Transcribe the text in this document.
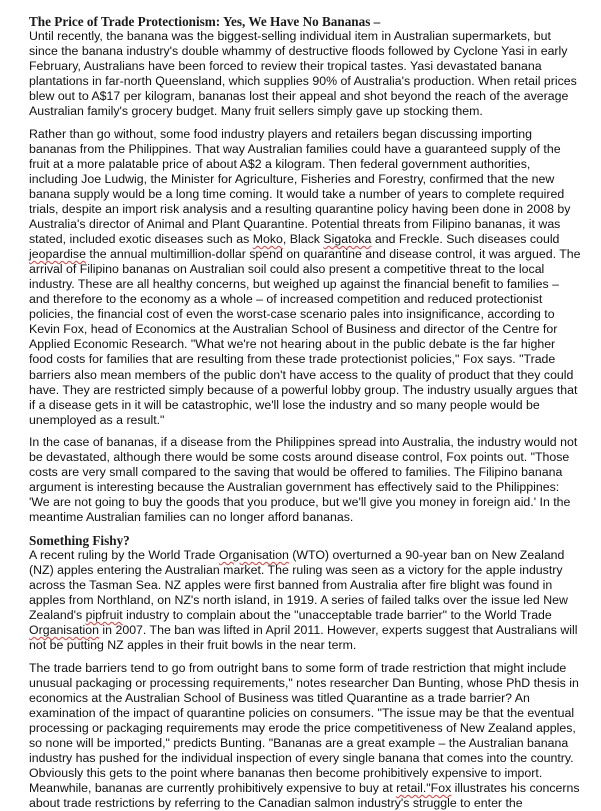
The Price of Trade Protectionism: Yes, We Have No Bananas –

Until recently, the banana was the biggest-selling individual item in Australian supermarkets, but since the banana industry's double whammy of destructive floods followed by Cyclone Yasi in early February, Australians have been forced to review their tropical tastes. Yasi devastated banana plantations in far-north Queensland, which supplies 90% of Australia's production. When retail prices blew out to A$17 per kilogram, bananas lost their appeal and shot beyond the reach of the average Australian family's grocery budget. Many fruit sellers simply gave up stocking them.

Rather than go without, some food industry players and retailers began discussing importing bananas from the Philippines. That way Australian families could have a guaranteed supply of the fruit at a more palatable price of about A$2 a kilogram. Then federal government authorities, including Joe Ludwig, the Minister for Agriculture, Fisheries and Forestry, confirmed that the new banana supply would be a long time coming. It would take a number of years to complete required trials, despite an import risk analysis and a resulting quarantine policy having been done in 2008 by Australia's director of Animal and Plant Quarantine. Potential threats from Filipino bananas, it was stated, included exotic diseases such as Moko, Black Sigatoka and Freckle. Such diseases could jeopardise the annual multimillion-dollar spend on quarantine and disease control, it was argued. The arrival of Filipino bananas on Australian soil could also present a competitive threat to the local industry. These are all healthy concerns, but weighed up against the financial benefit to families – and therefore to the economy as a whole – of increased competition and reduced protectionist policies, the financial cost of even the worst-case scenario pales into insignificance, according to Kevin Fox, head of Economics at the Australian School of Business and director of the Centre for Applied Economic Research. "What we're not hearing about in the public debate is the far higher food costs for families that are resulting from these trade protectionist policies," Fox says. "Trade barriers also mean members of the public don't have access to the quality of product that they could have. They are restricted simply because of a powerful lobby group. The industry usually argues that if a disease gets in it will be catastrophic, we'll lose the industry and so many people would be unemployed as a result."

In the case of bananas, if a disease from the Philippines spread into Australia, the industry would not be devastated, although there would be some costs around disease control, Fox points out. "Those costs are very small compared to the saving that would be offered to families. The Filipino banana argument is interesting because the Australian government has effectively said to the Philippines: 'We are not going to buy the goods that you produce, but we'll give you money in foreign aid.' In the meantime Australian families can no longer afford bananas.

Something Fishy?

A recent ruling by the World Trade Organisation (WTO) overturned a 90-year ban on New Zealand (NZ) apples entering the Australian market. The ruling was seen as a victory for the apple industry across the Tasman Sea. NZ apples were first banned from Australia after fire blight was found in apples from Northland, on NZ's north island, in 1919. A series of failed talks over the issue led New Zealand's pipfruit industry to complain about the "unacceptable trade barrier" to the World Trade Organisation in 2007. The ban was lifted in April 2011. However, experts suggest that Australians will not be putting NZ apples in their fruit bowls in the near term.

The trade barriers tend to go from outright bans to some form of trade restriction that might include unusual packaging or processing requirements," notes researcher Dan Bunting, whose PhD thesis in economics at the Australian School of Business was titled Quarantine as a trade barrier? An examination of the impact of quarantine policies on consumers. "The issue may be that the eventual processing or packaging requirements may erode the price competitiveness of New Zealand apples, so none will be imported," predicts Bunting. "Bananas are a great example – the Australian banana industry has pushed for the individual inspection of every single banana that comes into the country. Obviously this gets to the point where bananas then become prohibitively expensive to import. Meanwhile, bananas are currently prohibitively expensive to buy at retail."Fox illustrates his concerns about trade restrictions by referring to the Canadian salmon industry's struggle to enter the
